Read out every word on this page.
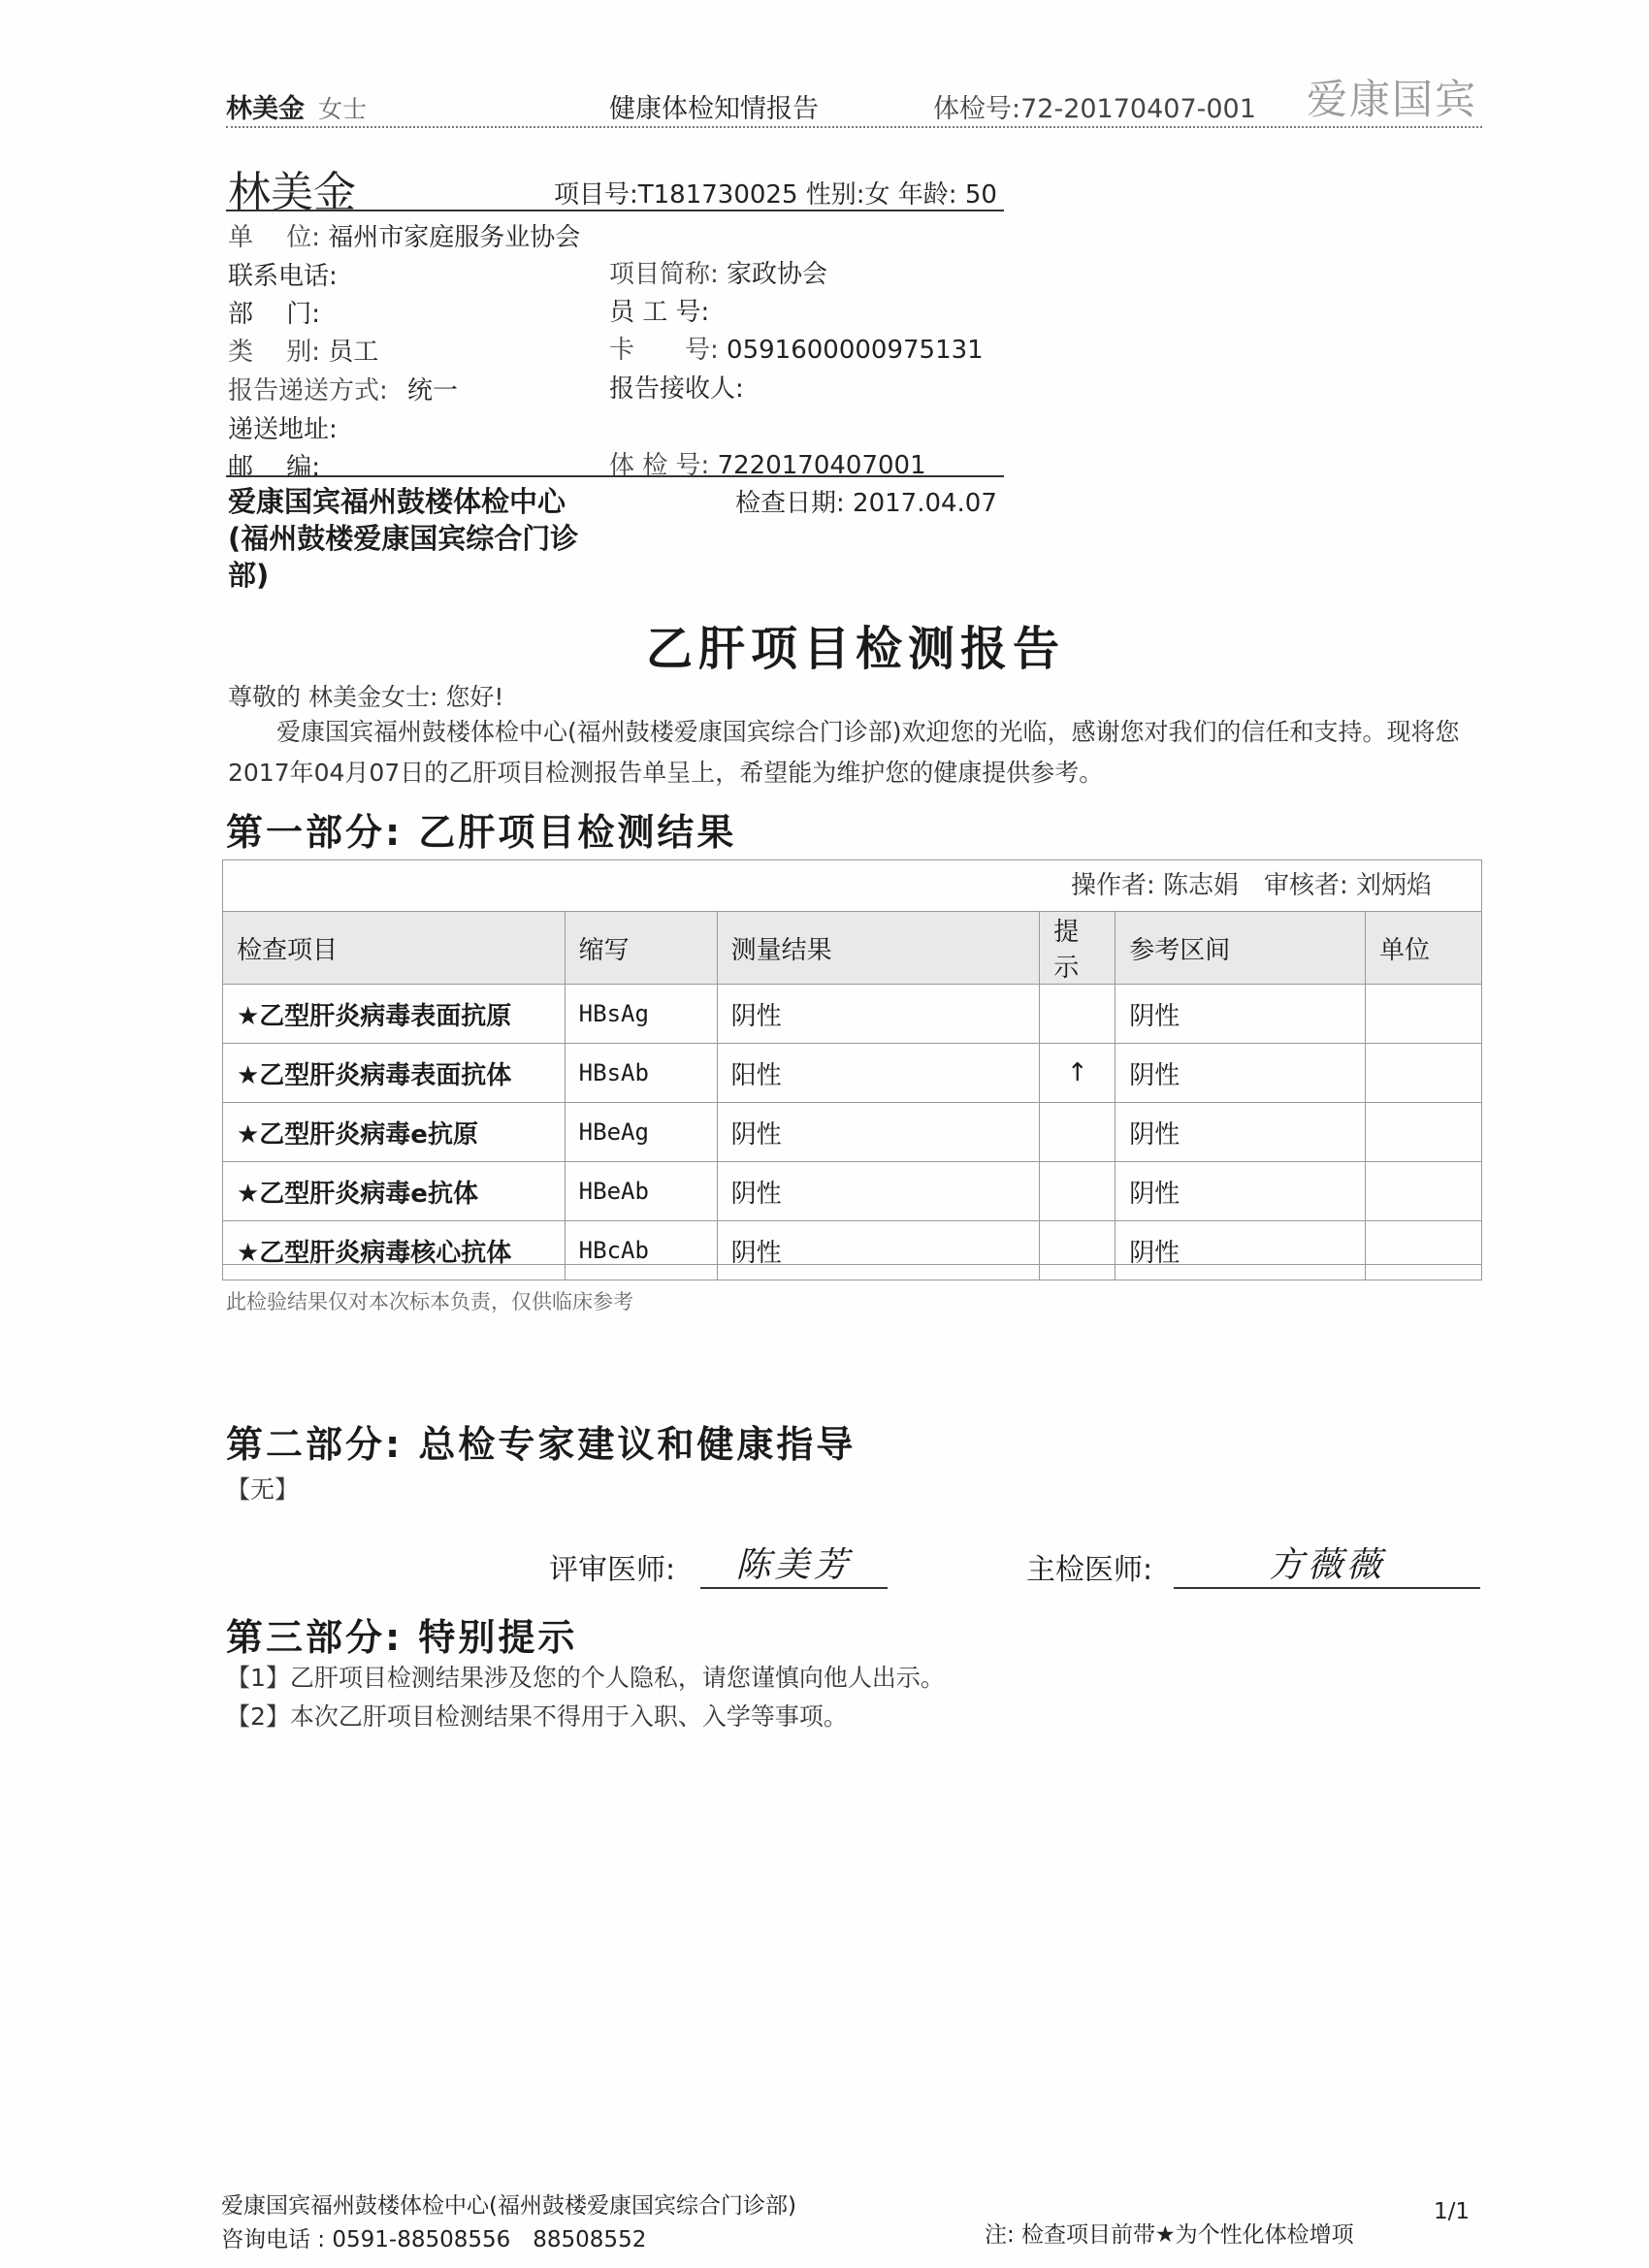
林美金 女士	健康体检知情报告	体检号:72-20170407-001 爱康国宾
林美金	项目号:T181730025 性别:女 年龄: 50
单　 位: 福州市家庭服务业协会
联系电话:	项目简称: 家政协会
部　 门:	员 工 号:
类　 别: 员工	卡　　号: 0591600000975131
报告递送方式: 统一	报告接收人:
递送地址:
邮　 编:	体 检 号: 7220170407001
爱康国宾福州鼓楼体检中心(福州鼓楼爱康国宾综合门诊部)
检查日期: 2017.04.07
乙肝项目检测报告
尊敬的 林美金女士: 您好!
爱康国宾福州鼓楼体检中心(福州鼓楼爱康国宾综合门诊部)欢迎您的光临，感谢您对我们的信任和支持。现将您2017年04月07日的乙肝项目检测报告单呈上，希望能为维护您的健康提供参考。
第一部分: 乙肝项目检测结果
操作者: 陈志娟　审核者: 刘炳焰
检查项目	缩写	测量结果	提示	参考区间	单位
★乙型肝炎病毒表面抗原	HBsAg	阴性		阴性	
★乙型肝炎病毒表面抗体	HBsAb	阳性	↑	阴性	
★乙型肝炎病毒e抗原	HBeAg	阴性		阴性	
★乙型肝炎病毒e抗体	HBeAb	阴性		阴性	
★乙型肝炎病毒核心抗体	HBcAb	阴性		阴性	
此检验结果仅对本次标本负责，仅供临床参考
第二部分: 总检专家建议和健康指导
【无】
评审医师:	陈美芳	主检医师:	方薇薇
第三部分: 特别提示
【1】乙肝项目检测结果涉及您的个人隐私，请您谨慎向他人出示。
【2】本次乙肝项目检测结果不得用于入职、入学等事项。
爱康国宾福州鼓楼体检中心(福州鼓楼爱康国宾综合门诊部)
咨询电话 : 0591-88508556　88508552	注: 检查项目前带★为个性化体检增项
1/1
